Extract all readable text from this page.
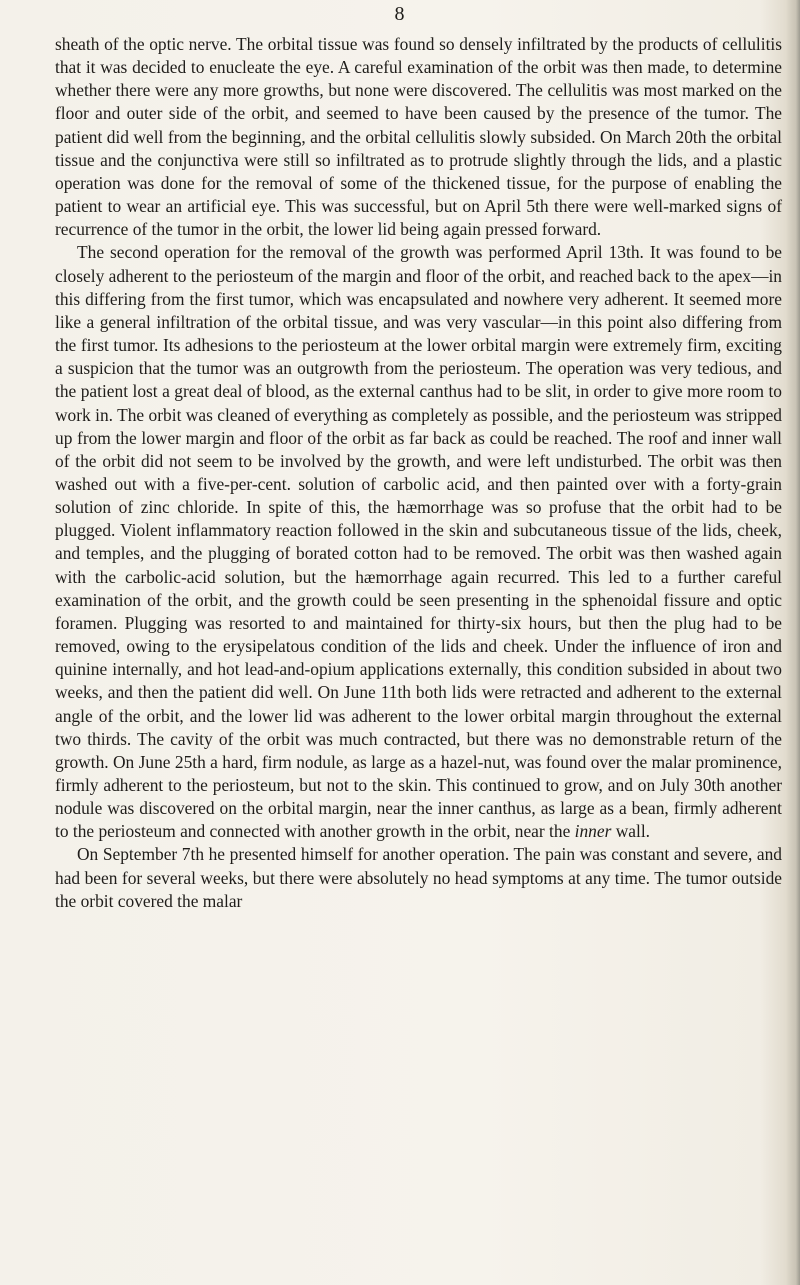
8

sheath of the optic nerve. The orbital tissue was found so densely infiltrated by the products of cellulitis that it was decided to enucleate the eye. A careful examination of the orbit was then made, to determine whether there were any more growths, but none were discovered. The cellulitis was most marked on the floor and outer side of the orbit, and seemed to have been caused by the presence of the tumor. The patient did well from the beginning, and the orbital cellulitis slowly subsided. On March 20th the orbital tissue and the conjunctiva were still so infiltrated as to protrude slightly through the lids, and a plastic operation was done for the removal of some of the thickened tissue, for the purpose of enabling the patient to wear an artificial eye. This was successful, but on April 5th there were well-marked signs of recurrence of the tumor in the orbit, the lower lid being again pressed forward.

The second operation for the removal of the growth was performed April 13th. It was found to be closely adherent to the periosteum of the margin and floor of the orbit, and reached back to the apex—in this differing from the first tumor, which was encapsulated and nowhere very adherent. It seemed more like a general infiltration of the orbital tissue, and was very vascular—in this point also differing from the first tumor. Its adhesions to the periosteum at the lower orbital margin were extremely firm, exciting a suspicion that the tumor was an outgrowth from the periosteum. The operation was very tedious, and the patient lost a great deal of blood, as the external canthus had to be slit, in order to give more room to work in. The orbit was cleaned of everything as completely as possible, and the periosteum was stripped up from the lower margin and floor of the orbit as far back as could be reached. The roof and inner wall of the orbit did not seem to be involved by the growth, and were left undisturbed. The orbit was then washed out with a five-per-cent. solution of carbolic acid, and then painted over with a forty-grain solution of zinc chloride. In spite of this, the hæmorrhage was so profuse that the orbit had to be plugged. Violent inflammatory reaction followed in the skin and subcutaneous tissue of the lids, cheek, and temples, and the plugging of borated cotton had to be removed. The orbit was then washed again with the carbolic-acid solution, but the hæmorrhage again recurred. This led to a further careful examination of the orbit, and the growth could be seen presenting in the sphenoidal fissure and optic foramen. Plugging was resorted to and maintained for thirty-six hours, but then the plug had to be removed, owing to the erysipelatous condition of the lids and cheek. Under the influence of iron and quinine internally, and hot lead-and-opium applications externally, this condition subsided in about two weeks, and then the patient did well. On June 11th both lids were retracted and adherent to the external angle of the orbit, and the lower lid was adherent to the lower orbital margin throughout the external two thirds. The cavity of the orbit was much contracted, but there was no demonstrable return of the growth. On June 25th a hard, firm nodule, as large as a hazel-nut, was found over the malar prominence, firmly adherent to the periosteum, but not to the skin. This continued to grow, and on July 30th another nodule was discovered on the orbital margin, near the inner canthus, as large as a bean, firmly adherent to the periosteum and connected with another growth in the orbit, near the inner wall.

On September 7th he presented himself for another operation. The pain was constant and severe, and had been for several weeks, but there were absolutely no head symptoms at any time. The tumor outside the orbit covered the malar
